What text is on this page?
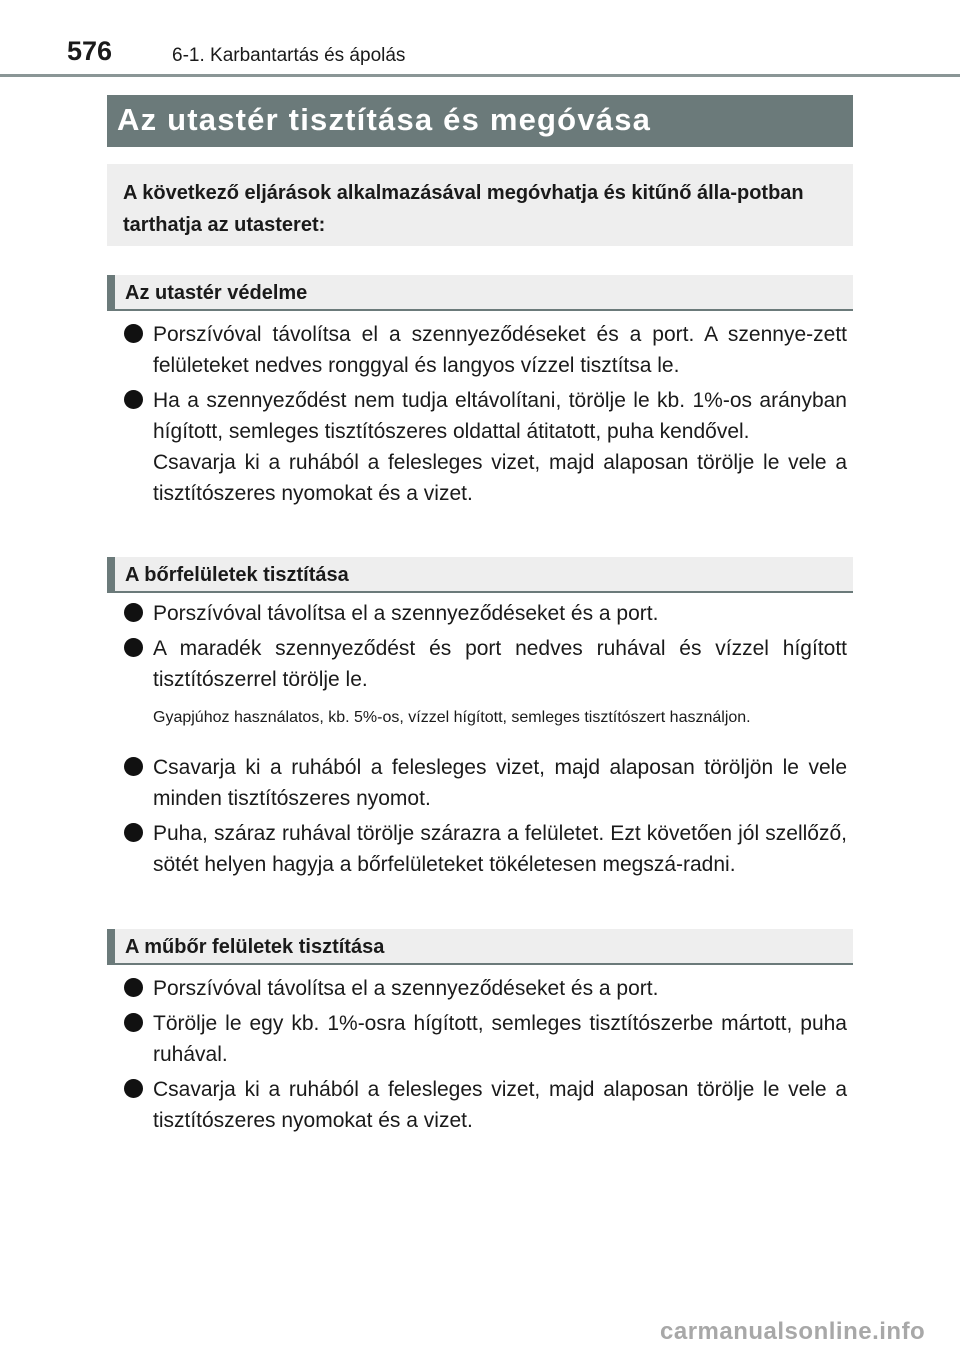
576	6-1. Karbantartás és ápolás
Az utastér tisztítása és megóvása
A következő eljárások alkalmazásával megóvhatja és kitűnő álla-potban tarthatja az utasteret:
Az utastér védelme

Porszívóval távolítsa el a szennyeződéseket és a port. A szennye-zett felületeket nedves ronggyal és langyos vízzel tisztítsa le.

Ha a szennyeződést nem tudja eltávolítani, törölje le kb. 1%-os arányban hígított, semleges tisztítószeres oldattal átitatott, puha kendővel.

Csavarja ki a ruhából a felesleges vizet, majd alaposan törölje le vele a tisztítószeres nyomokat és a vizet.

A bőrfelületek tisztítása

Porszívóval távolítsa el a szennyeződéseket és a port.

A maradék szennyeződést és port nedves ruhával és vízzel hígított tisztítószerrel törölje le.

Gyapjúhoz használatos, kb. 5%-os, vízzel hígított, semleges tisztítószert használjon.

Csavarja ki a ruhából a felesleges vizet, majd alaposan töröljön le vele minden tisztítószeres nyomot.

Puha, száraz ruhával törölje szárazra a felületet. Ezt követően jól szellőző, sötét helyen hagyja a bőrfelületeket tökéletesen megszá-radni.

A műbőr felületek tisztítása

Porszívóval távolítsa el a szennyeződéseket és a port.

Törölje le egy kb. 1%-osra hígított, semleges tisztítószerbe mártott, puha ruhával.

Csavarja ki a ruhából a felesleges vizet, majd alaposan törölje le vele a tisztítószeres nyomokat és a vizet.

carmanualsonline.info
